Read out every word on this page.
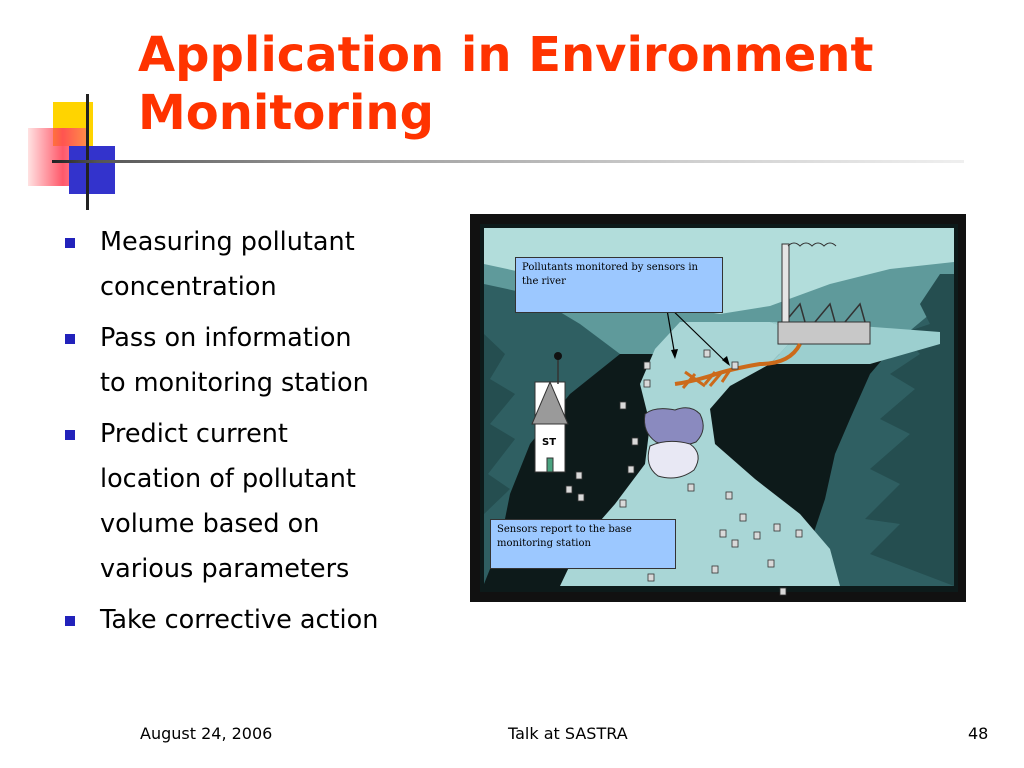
Application in Environment
Monitoring
Measuring pollutant
concentration
Pass on information
to monitoring station
Predict current
location of pollutant
volume based on
various parameters
Take corrective action
Pollutants monitored by sensors in the river
Sensors report to the base monitoring station
ST
August 24, 2006	Talk at SASTRA	48
